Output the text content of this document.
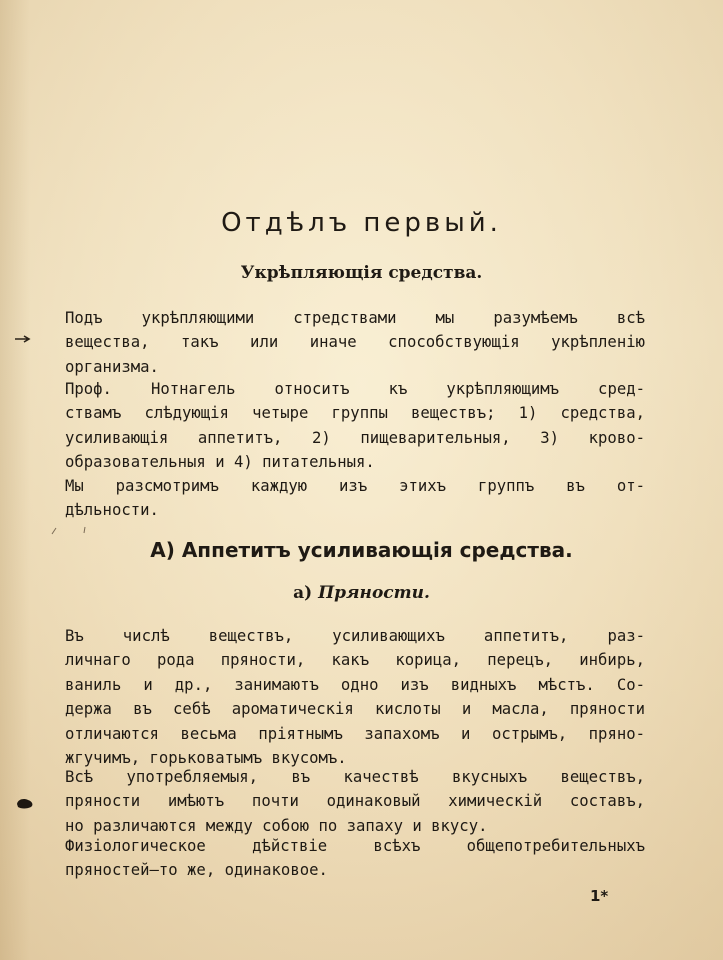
Отдѣлъ первый.
Укрѣпляющія средства.
Подъ укрѣпляющими стредствами мы разумѣемъ всѣ
вещества, такъ или иначе способствующія укрѣпленію
организма.
Проф. Нотнагель относитъ къ укрѣпляющимъ сред-
ствамъ слѣдующія четыре группы веществъ; 1) средства,
усиливающія аппетитъ, 2) пищеварительныя, 3) крово-
образовательныя и 4) питательныя.
Мы разсмотримъ каждую изъ этихъ группъ въ от-
дѣльности.
А) Аппетитъ усиливающія средства.
а) Пряности.
Въ числѣ веществъ, усиливающихъ аппетитъ, раз-
личнаго рода пряности, какъ корица, перецъ, инбирь,
ваниль и др., занимаютъ одно изъ видныхъ мѣстъ. Со-
держа въ себѣ ароматическія кислоты и масла, пряности
отличаются весьма пріятнымъ запахомъ и острымъ, пряно-
жгучимъ, горьковатымъ вкусомъ.
Всѣ употребляемыя, въ качествѣ вкусныхъ веществъ,
пряности имѣютъ почти одинаковый химическій составъ,
но различаются между собою по запаху и вкусу.
Физіологическое дѣйствіе всѣхъ общепотребительныхъ
пряностей—то же, одинаковое.
1*
